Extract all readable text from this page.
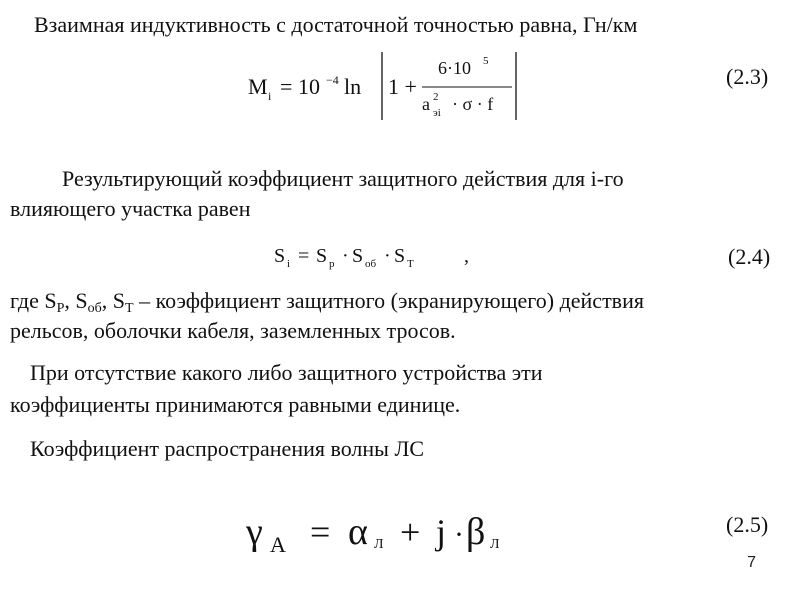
Взаимная индуктивность с достаточной точностью равна, Гн/км
M i = 10 −4 ln 1 +
6·10 5
a 2
эi · σ · f
(2.3)
Результирующий коэффициент защитного действия для i-го
влияющего участка равен
S i = S р · S об · S Т	,	(2.4)
где $S_Р$, $S_{об}$, $S_Т$ – коэффициент защитного (экранирующего) действия
рельсов, оболочки кабеля, заземленных тросов.
При отсутствие какого либо защитного устройства эти
коэффициенты принимаются равными единице.
Коэффициент распространения волны ЛС
γ A = α Л + j · β Л
(2.5)
7
